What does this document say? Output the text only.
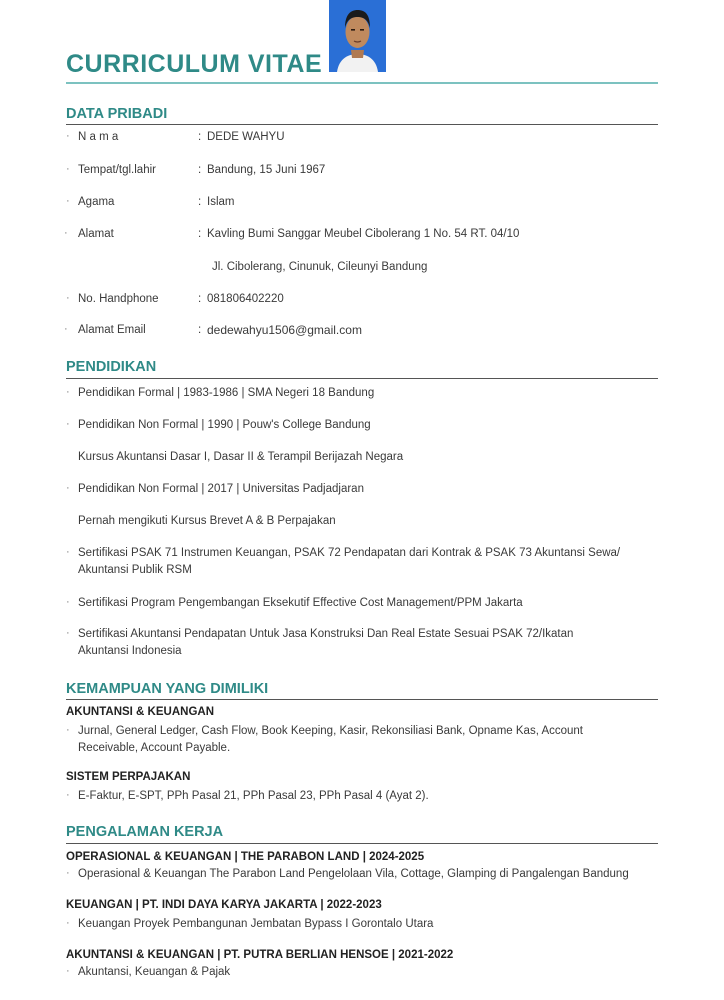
CURRICULUM VITAE
DATA PRIBADI
· N a m a	: DEDE WAHYU
· Tempat/tgl.lahir	: Bandung, 15 Juni 1967
· Agama	: Islam
· Alamat	: Kavling Bumi Sanggar Meubel Cibolerang 1 No. 54 RT. 04/10
Jl. Cibolerang, Cinunuk, Cileunyi Bandung
· No. Handphone	: 081806402220
· Alamat Email	: dedewahyu1506@gmail.com
PENDIDIKAN
· Pendidikan Formal | 1983-1986 | SMA Negeri 18 Bandung
· Pendidikan Non Formal | 1990 | Pouw's College Bandung
Kursus Akuntansi Dasar I, Dasar II & Terampil Berijazah Negara
· Pendidikan Non Formal | 2017 | Universitas Padjadjaran
Pernah mengikuti Kursus Brevet A & B Perpajakan
· Sertifikasi PSAK 71 Instrumen Keuangan, PSAK 72 Pendapatan dari Kontrak & PSAK 73 Akuntansi Sewa/
Akuntansi Publik RSM
· Sertifikasi Program Pengembangan Eksekutif Effective Cost Management/PPM Jakarta
· Sertifikasi Akuntansi Pendapatan Untuk Jasa Konstruksi Dan Real Estate Sesuai PSAK 72/Ikatan
Akuntansi Indonesia
KEMAMPUAN YANG DIMILIKI
AKUNTANSI & KEUANGAN
· Jurnal, General Ledger, Cash Flow, Book Keeping, Kasir, Rekonsiliasi Bank, Opname Kas, Account
Receivable, Account Payable.
SISTEM PERPAJAKAN
· E-Faktur, E-SPT, PPh Pasal 21, PPh Pasal 23, PPh Pasal 4 (Ayat 2).
PENGALAMAN KERJA
OPERASIONAL & KEUANGAN | THE PARABON LAND | 2024-2025
· Operasional & Keuangan The Parabon Land Pengelolaan Vila, Cottage, Glamping di Pangalengan Bandung
KEUANGAN | PT. INDI DAYA KARYA JAKARTA | 2022-2023
· Keuangan Proyek Pembangunan Jembatan Bypass I Gorontalo Utara
AKUNTANSI & KEUANGAN | PT. PUTRA BERLIAN HENSOE | 2021-2022
· Akuntansi, Keuangan & Pajak
